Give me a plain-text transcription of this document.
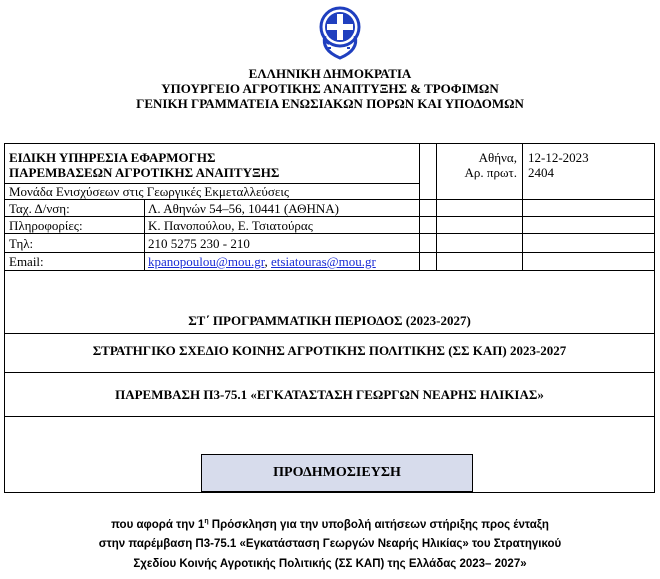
ΕΛΛΗΝΙΚΗ ΔΗΜΟΚΡΑΤΙΑ
ΥΠΟΥΡΓΕΙΟ ΑΓΡΟΤΙΚΗΣ ΑΝΑΠΤΥΞΗΣ & ΤΡΟΦΙΜΩΝ
ΓΕΝΙΚΗ ΓΡΑΜΜΑΤΕΙΑ ΕΝΩΣΙΑΚΩΝ ΠΟΡΩΝ ΚΑΙ ΥΠΟΔΟΜΩΝ
ΕΙΔΙΚΗ ΥΠΗΡΕΣΙΑ ΕΦΑΡΜΟΓΗΣ
ΠΑΡΕΜΒΑΣΕΩΝ ΑΓΡΟΤΙΚΗΣ ΑΝΑΠΤΥΞΗΣ
Μονάδα Ενισχύσεων στις Γεωργικές Εκμεταλλεύσεις
Ταχ. Δ/νση:	Λ. Αθηνών 54–56, 10441 (ΑΘΗΝΑ)
Πληροφορίες:	Κ. Πανοπούλου, Ε. Τσιατούρας
Τηλ:	210 5275 230 - 210
Email:	kpanopoulou@mou.gr, etsiatouras@mou.gr
Αθήνα, 12-12-2023
Αρ. πρωτ. 2404
ΣΤ΄ ΠΡΟΓΡΑΜΜΑΤΙΚΗ ΠΕΡΙΟΔΟΣ (2023-2027)
ΣΤΡΑΤΗΓΙΚΟ ΣΧΕΔΙΟ ΚΟΙΝΗΣ ΑΓΡΟΤΙΚΗΣ ΠΟΛΙΤΙΚΗΣ (ΣΣ ΚΑΠ) 2023-2027
ΠΑΡΕΜΒΑΣΗ Π3-75.1 «ΕΓΚΑΤΑΣΤΑΣΗ ΓΕΩΡΓΩΝ ΝΕΑΡΗΣ ΗΛΙΚΙΑΣ»
ΠΡΟΔΗΜΟΣΙΕΥΣΗ
που αφορά την $1^\eta$ Πρόσκληση για την υποβολή αιτήσεων στήριξης προς ένταξη
στην παρέμβαση Π3-75.1 «Εγκατάσταση Γεωργών Νεαρής Ηλικίας» του Στρατηγικού
Σχεδίου Κοινής Αγροτικής Πολιτικής (ΣΣ ΚΑΠ) της Ελλάδας 2023– 2027»
